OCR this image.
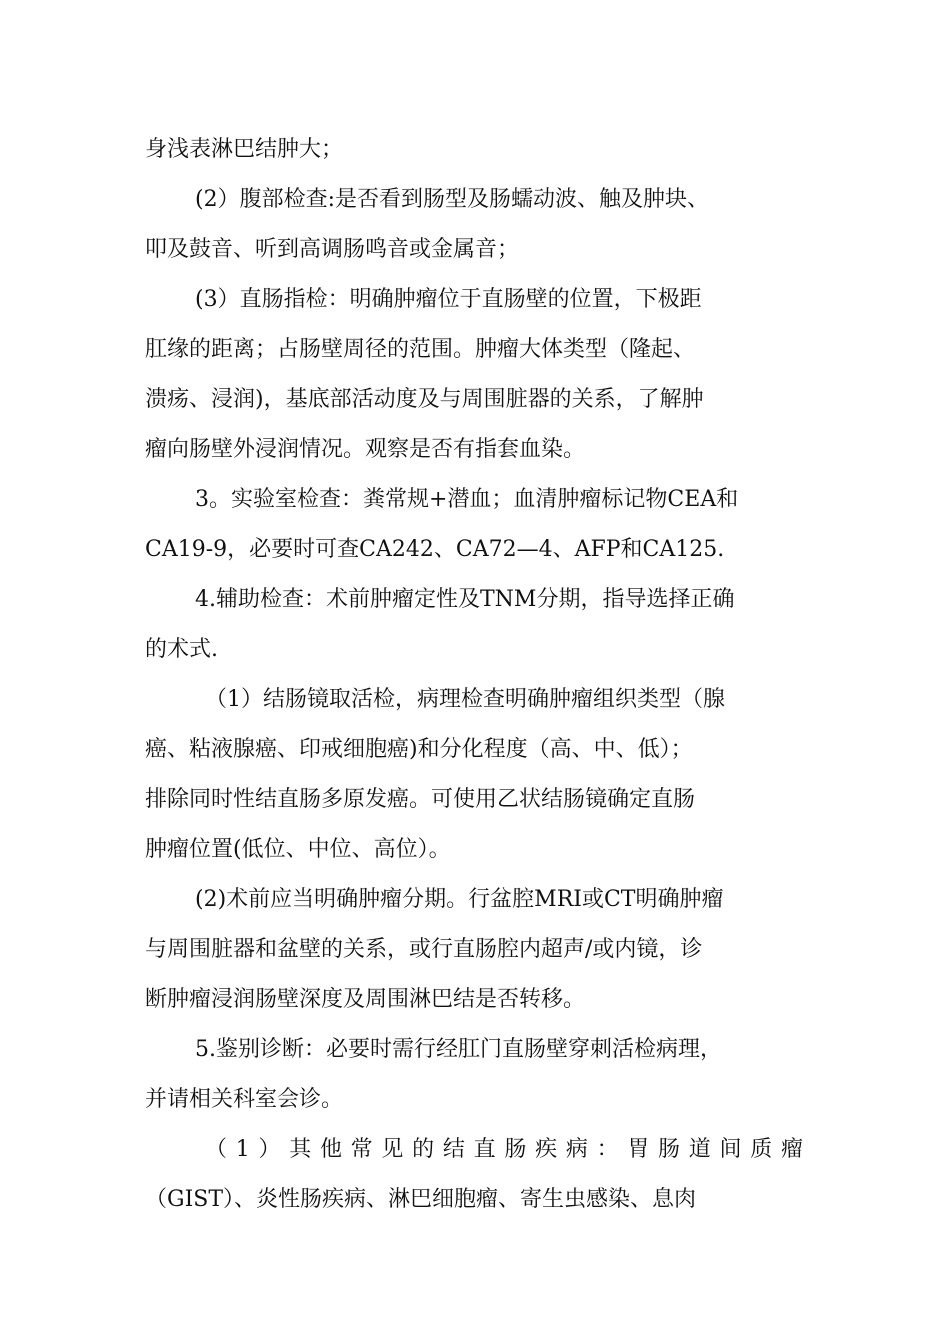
身浅表淋巴结肿大；
(2）腹部检查:是否看到肠型及肠蠕动波、触及肿块、
叩及鼓音、听到高调肠鸣音或金属音；
(3）直肠指检：明确肿瘤位于直肠壁的位置，下极距
肛缘的距离；占肠壁周径的范围。肿瘤大体类型（隆起、
溃疡、浸润)，基底部活动度及与周围脏器的关系，了解肿
瘤向肠壁外浸润情况。观察是否有指套血染。
3。实验室检查：粪常规+潜血；血清肿瘤标记物CEA和
CA19-9，必要时可查CA242、CA72—4、AFP和CA125.
4.辅助检查：术前肿瘤定性及TNM分期，指导选择正确
的术式.
（1）结肠镜取活检，病理检查明确肿瘤组织类型（腺
癌、粘液腺癌、印戒细胞癌)和分化程度（高、中、低）；
排除同时性结直肠多原发癌。可使用乙状结肠镜确定直肠
肿瘤位置(低位、中位、高位）。
(2)术前应当明确肿瘤分期。行盆腔MRI或CT明确肿瘤
与周围脏器和盆壁的关系，或行直肠腔内超声/或内镜，诊
断肿瘤浸润肠壁深度及周围淋巴结是否转移。
5.鉴别诊断：必要时需行经肛门直肠壁穿刺活检病理，
并请相关科室会诊。
（1）其他常见的结直肠疾病：胃肠道间质瘤
（GIST）、炎性肠疾病、淋巴细胞瘤、寄生虫感染、息肉
